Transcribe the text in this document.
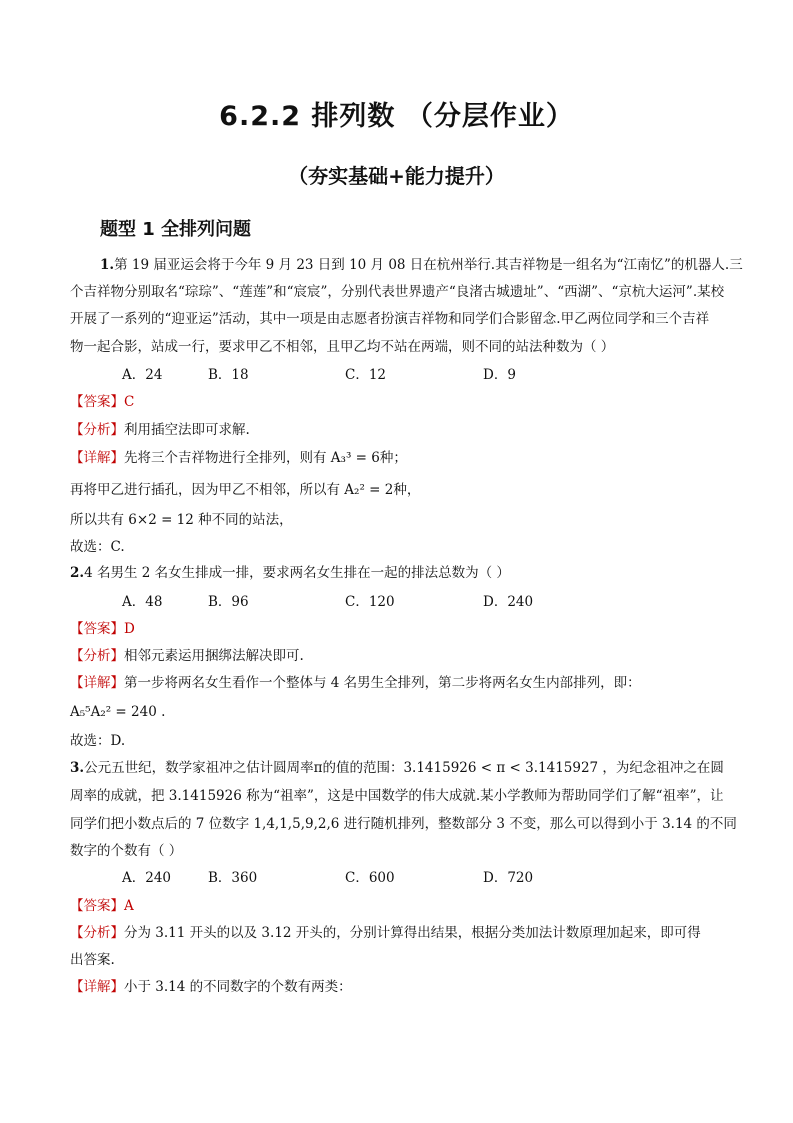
6.2.2 排列数 （分层作业）
（夯实基础+能力提升）
题型 1 全排列问题
1.第 19 届亚运会将于今年 9 月 23 日到 10 月 08 日在杭州举行.其吉祥物是一组名为“江南忆”的机器人.三
个吉祥物分别取名“琮琮”、“莲莲”和“宸宸”，分别代表世界遗产“良渚古城遗址”、“西湖”、“京杭大运河”.某校
开展了一系列的“迎亚运”活动，其中一项是由志愿者扮演吉祥物和同学们合影留念.甲乙两位同学和三个吉祥
物一起合影，站成一行，要求甲乙不相邻，且甲乙均不站在两端，则不同的站法种数为（ ）
A．24	B．18	C．12	D．9
【答案】C
【分析】利用插空法即可求解.
【详解】先将三个吉祥物进行全排列，则有 A₃³ = 6种；
再将甲乙进行插孔，因为甲乙不相邻，所以有 A₂² = 2种，
所以共有 6×2 = 12 种不同的站法，
故选：C.
2.4 名男生 2 名女生排成一排，要求两名女生排在一起的排法总数为（ ）
A．48	B．96	C．120	D．240
【答案】D
【分析】相邻元素运用捆绑法解决即可.
【详解】第一步将两名女生看作一个整体与 4 名男生全排列，第二步将两名女生内部排列，即：
A₅⁵A₂² = 240 .
故选：D.
3.公元五世纪，数学家祖冲之估计圆周率π的值的范围：3.1415926 < π < 3.1415927 ，为纪念祖冲之在圆
周率的成就，把 3.1415926 称为“祖率”，这是中国数学的伟大成就.某小学教师为帮助同学们了解“祖率”，让
同学们把小数点后的 7 位数字 1,4,1,5,9,2,6 进行随机排列，整数部分 3 不变，那么可以得到小于 3.14 的不同
数字的个数有（ ）
A．240	B．360	C．600	D．720
【答案】A
【分析】分为 3.11 开头的以及 3.12 开头的，分别计算得出结果，根据分类加法计数原理加起来，即可得
出答案.
【详解】小于 3.14 的不同数字的个数有两类：
